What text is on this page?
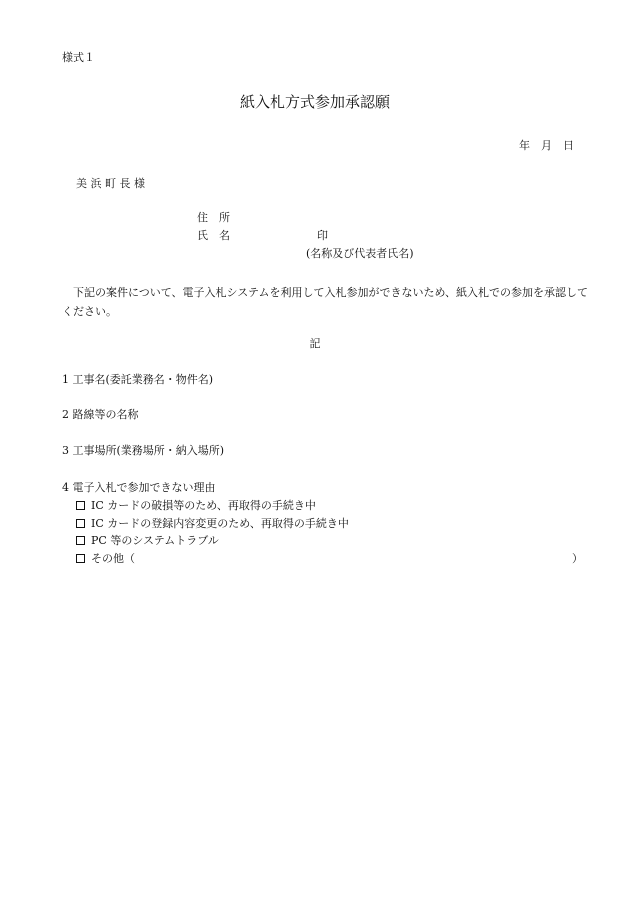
様式１
紙入札方式参加承認願
年　月　日
美 浜 町 長 様
住　所
氏　名	印
(名称及び代表者氏名)
下記の案件について、電子入札システムを利用して入札参加ができないため、紙入札での参加を承認してください。
記
1 工事名(委託業務名・物件名)
2 路線等の名称
3 工事場所(業務場所・納入場所)
4 電子入札で参加できない理由
IC カードの破損等のため、再取得の手続き中
IC カードの登録内容変更のため、再取得の手続き中
PC 等のシステムトラブル
その他（	）
